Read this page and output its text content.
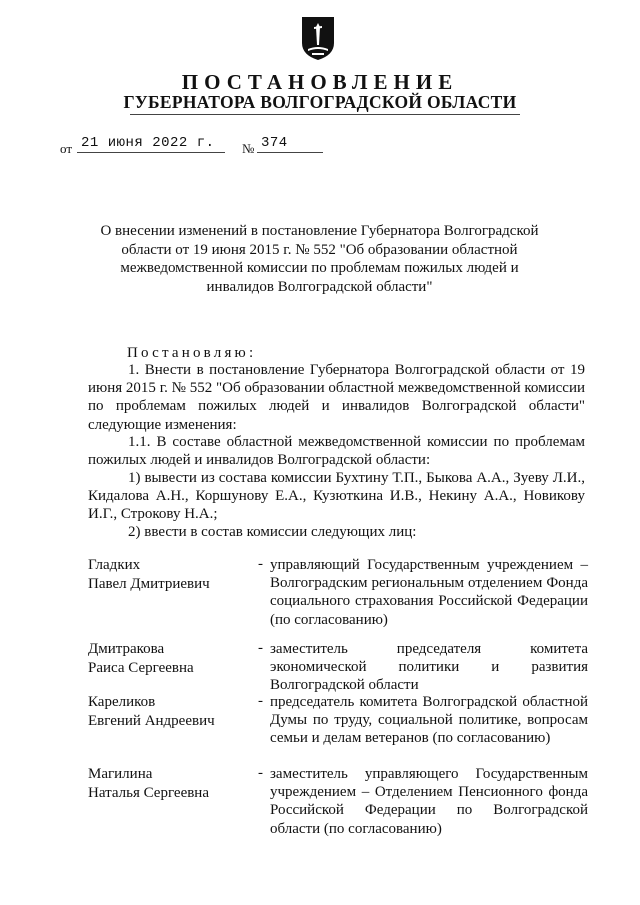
ПОСТАНОВЛЕНИЕ
ГУБЕРНАТОРА ВОЛГОГРАДСКОЙ ОБЛАСТИ
от 21 июня 2022 г.	№ 374
О внесении изменений в постановление Губернатора Волгоградской области от 19 июня 2015 г. № 552 "Об образовании областной межведомственной комиссии по проблемам пожилых людей и инвалидов Волгоградской области"
Постановляю:
1. Внести в постановление Губернатора Волгоградской области от 19 июня 2015 г. № 552 "Об образовании областной межведомственной комиссии по проблемам пожилых людей и инвалидов Волгоградской области" следующие изменения:
1.1. В составе областной межведомственной комиссии по проблемам пожилых людей и инвалидов Волгоградской области:
1) вывести из состава комиссии Бухтину Т.П., Быкова А.А., Зуеву Л.И., Кидалова А.Н., Коршунову Е.А., Кузюткина И.В., Некину А.А., Новикову И.Г., Строкову Н.А.;
2) ввести в состав комиссии следующих лиц:
Гладких
Павел Дмитриевич
- управляющий Государственным учреждением – Волгоградским региональным отделением Фонда социального страхования Российской Федерации (по согласованию)
Дмитракова
Раиса Сергеевна
- заместитель председателя комитета экономической политики и развития Волгоградской области
Кареликов
Евгений Андреевич
- председатель комитета Волгоградской областной Думы по труду, социальной политике, вопросам семьи и делам ветеранов (по согласованию)
Магилина
Наталья Сергеевна
- заместитель управляющего Государственным учреждением – Отделением Пенсионного фонда Российской Федерации по Волгоградской области (по согласованию)
